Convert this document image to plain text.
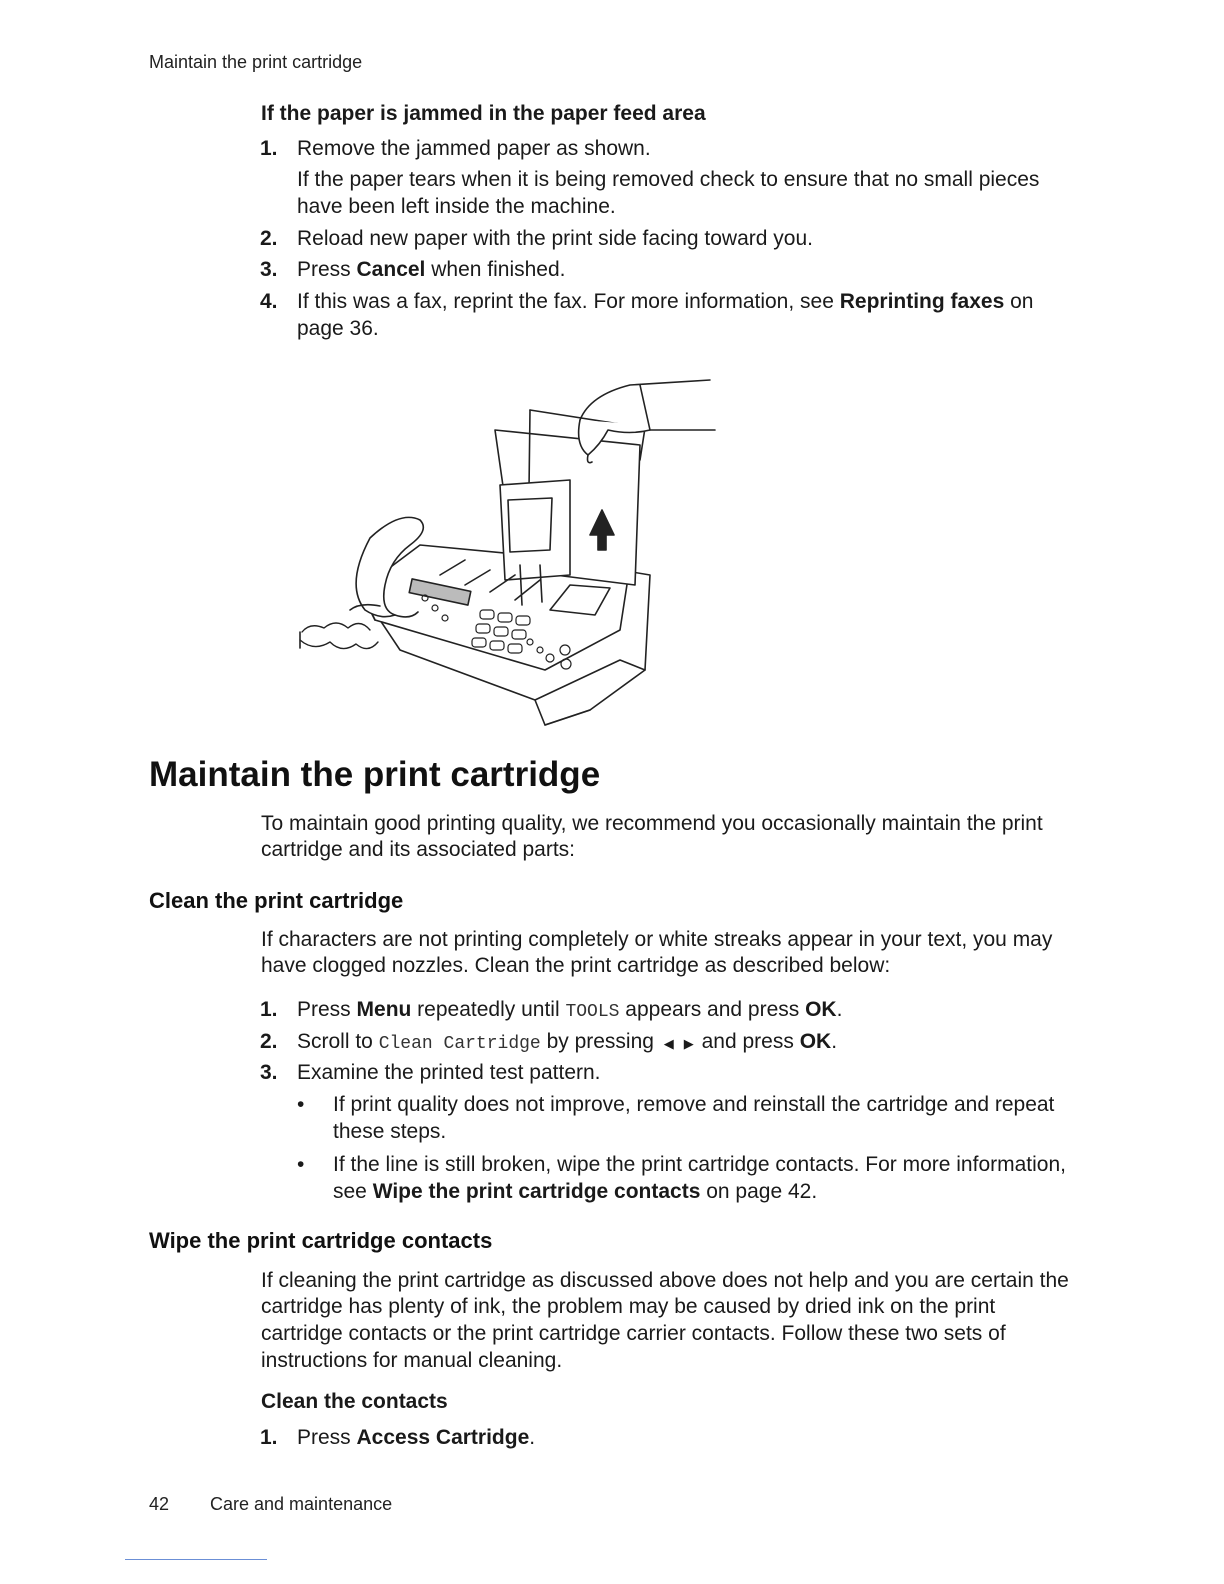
Maintain the print cartridge
If the paper is jammed in the paper feed area
1. Remove the jammed paper as shown.
If the paper tears when it is being removed check to ensure that no small pieces
have been left inside the machine.
2. Reload new paper with the print side facing toward you.
3. Press Cancel when finished.
4. If this was a fax, reprint the fax. For more information, see Reprinting faxes on
page 36.
Maintain the print cartridge
To maintain good printing quality, we recommend you occasionally maintain the print
cartridge and its associated parts:
Clean the print cartridge
If characters are not printing completely or white streaks appear in your text, you may
have clogged nozzles. Clean the print cartridge as described below:
1. Press Menu repeatedly until TOOLS appears and press OK.
2. Scroll to Clean Cartridge by pressing ◀ ▶ and press OK.
3. Examine the printed test pattern.
• If print quality does not improve, remove and reinstall the cartridge and repeat
these steps.
• If the line is still broken, wipe the print cartridge contacts. For more information,
see Wipe the print cartridge contacts on page 42.
Wipe the print cartridge contacts
If cleaning the print cartridge as discussed above does not help and you are certain the
cartridge has plenty of ink, the problem may be caused by dried ink on the print
cartridge contacts or the print cartridge carrier contacts. Follow these two sets of
instructions for manual cleaning.
Clean the contacts
1. Press Access Cartridge.
42 Care and maintenance
